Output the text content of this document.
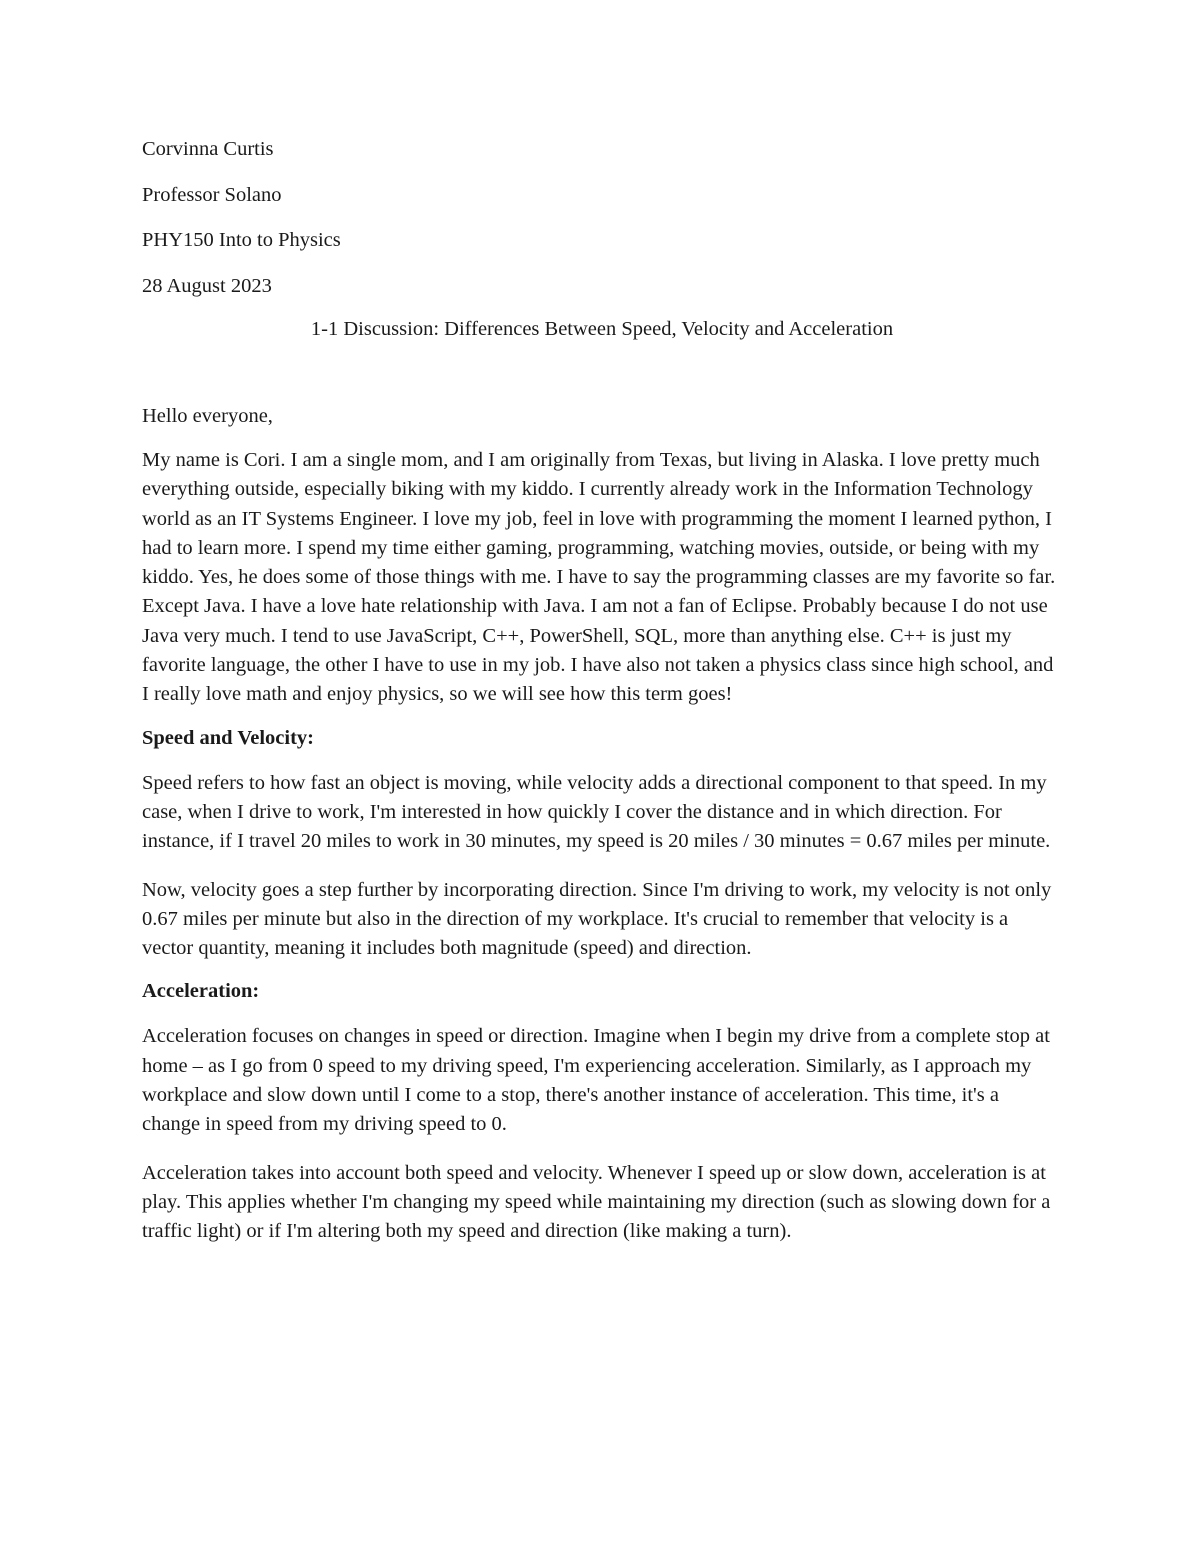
Corvinna Curtis

Professor Solano

PHY150 Into to Physics

28 August 2023

1-1 Discussion: Differences Between Speed, Velocity and Acceleration

Hello everyone,

My name is Cori. I am a single mom, and I am originally from Texas, but living in Alaska. I love pretty much everything outside, especially biking with my kiddo. I currently already work in the Information Technology world as an IT Systems Engineer. I love my job, feel in love with programming the moment I learned python, I had to learn more. I spend my time either gaming, programming, watching movies, outside, or being with my kiddo. Yes, he does some of those things with me. I have to say the programming classes are my favorite so far. Except Java. I have a love hate relationship with Java. I am not a fan of Eclipse. Probably because I do not use Java very much. I tend to use JavaScript, C++, PowerShell, SQL, more than anything else. C++ is just my favorite language, the other I have to use in my job. I have also not taken a physics class since high school, and I really love math and enjoy physics, so we will see how this term goes!

Speed and Velocity:

Speed refers to how fast an object is moving, while velocity adds a directional component to that speed. In my case, when I drive to work, I'm interested in how quickly I cover the distance and in which direction. For instance, if I travel 20 miles to work in 30 minutes, my speed is 20 miles / 30 minutes = 0.67 miles per minute.

Now, velocity goes a step further by incorporating direction. Since I'm driving to work, my velocity is not only 0.67 miles per minute but also in the direction of my workplace. It's crucial to remember that velocity is a vector quantity, meaning it includes both magnitude (speed) and direction.

Acceleration:

Acceleration focuses on changes in speed or direction. Imagine when I begin my drive from a complete stop at home – as I go from 0 speed to my driving speed, I'm experiencing acceleration. Similarly, as I approach my workplace and slow down until I come to a stop, there's another instance of acceleration. This time, it's a change in speed from my driving speed to 0.

Acceleration takes into account both speed and velocity. Whenever I speed up or slow down, acceleration is at play. This applies whether I'm changing my speed while maintaining my direction (such as slowing down for a traffic light) or if I'm altering both my speed and direction (like making a turn).
